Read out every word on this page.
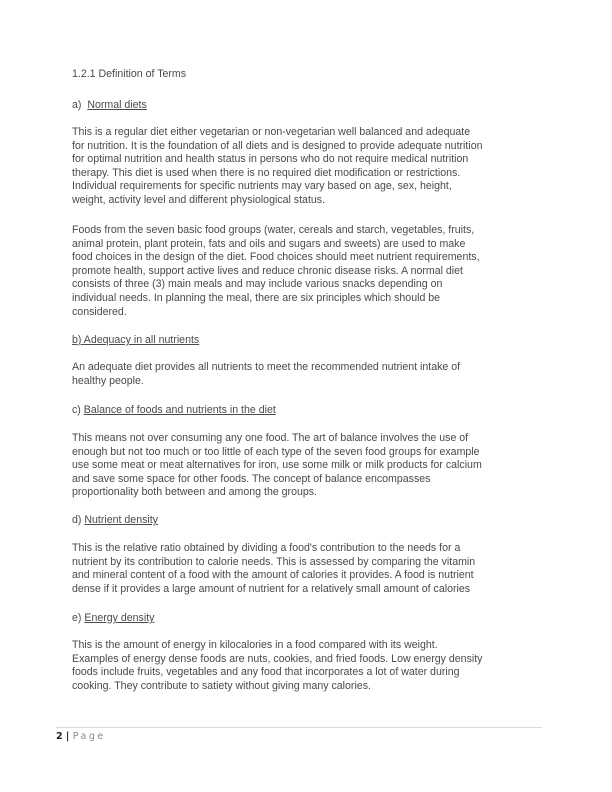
1.2.1 Definition of Terms
a)  Normal diets
This is a regular diet either vegetarian or non-vegetarian well balanced and adequate
for nutrition. It is the foundation of all diets and is designed to provide adequate nutrition
for optimal nutrition and health status in persons who do not require medical nutrition
therapy. This diet is used when there is no required diet modification or restrictions.
Individual requirements for specific nutrients may vary based on age, sex, height,
weight, activity level and different physiological status.
Foods from the seven basic food groups (water, cereals and starch, vegetables, fruits,
animal protein, plant protein, fats and oils and sugars and sweets) are used to make
food choices in the design of the diet. Food choices should meet nutrient requirements,
promote health, support active lives and reduce chronic disease risks. A normal diet
consists of three (3) main meals and may include various snacks depending on
individual needs. In planning the meal, there are six principles which should be
considered.
b) Adequacy in all nutrients
An adequate diet provides all nutrients to meet the recommended nutrient intake of
healthy people.
c) Balance of foods and nutrients in the diet
This means not over consuming any one food. The art of balance involves the use of
enough but not too much or too little of each type of the seven food groups for example
use some meat or meat alternatives for iron, use some milk or milk products for calcium
and save some space for other foods. The concept of balance encompasses
proportionality both between and among the groups.
d) Nutrient density
This is the relative ratio obtained by dividing a food's contribution to the needs for a
nutrient by its contribution to calorie needs. This is assessed by comparing the vitamin
and mineral content of a food with the amount of calories it provides. A food is nutrient
dense if it provides a large amount of nutrient for a relatively small amount of calories
e) Energy density
This is the amount of energy in kilocalories in a food compared with its weight.
Examples of energy dense foods are nuts, cookies, and fried foods. Low energy density
foods include fruits, vegetables and any food that incorporates a lot of water during
cooking. They contribute to satiety without giving many calories.
2 | Page
